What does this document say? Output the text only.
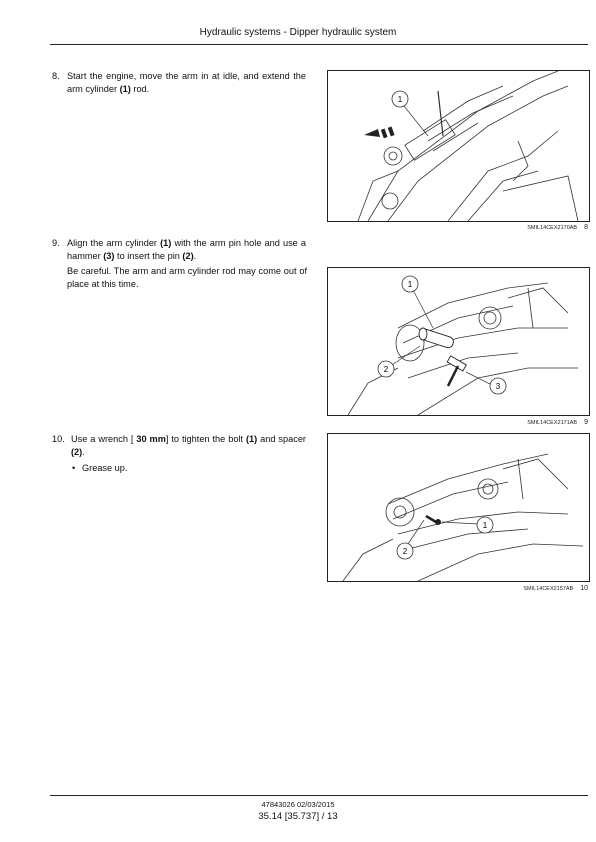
Hydraulic systems - Dipper hydraulic system
8. Start the engine, move the arm in at idle, and extend the arm cylinder (1) rod.
1
SMIL14CEX2170AB 8
9. Align the arm cylinder (1) with the arm pin hole and use a hammer (3) to insert the pin (2).
Be careful. The arm and arm cylinder rod may come out of place at this time.	1
2
3
SMIL14CEX2171AB 9
10. Use a wrench [ 30 mm] to tighten the bolt (1) and spacer (2).
• Grease up.
1
2
SMIL14CEX2157AB 10
47843026 02/03/2015
35.14 [35.737] / 13
